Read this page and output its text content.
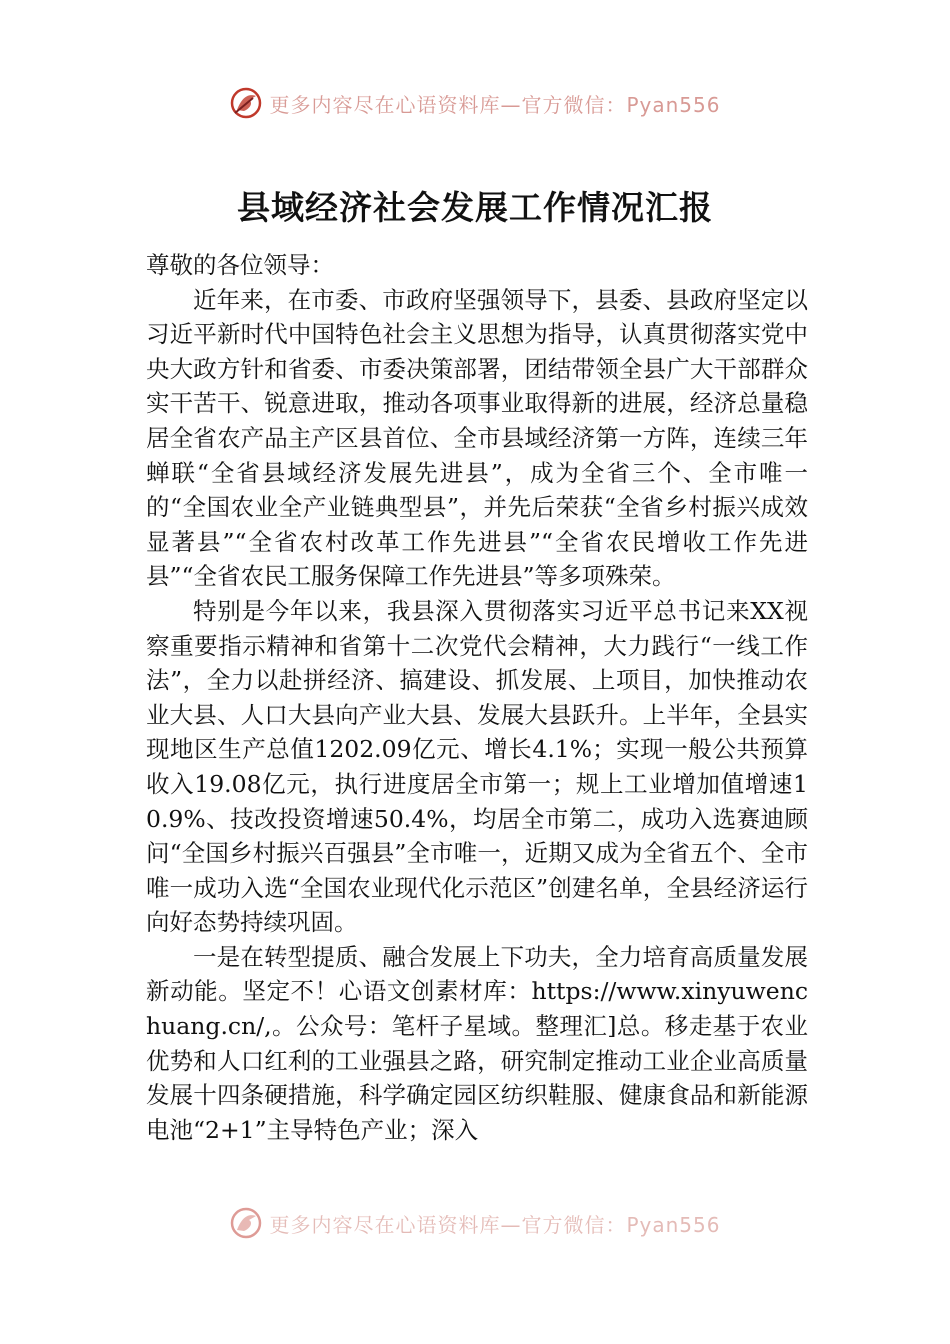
更多内容尽在心语资料库—官方微信：Pyan556
县域经济社会发展工作情况汇报

尊敬的各位领导：

近年来，在市委、市政府坚强领导下，县委、县政府坚定以习近平新时代中国特色社会主义思想为指导，认真贯彻落实党中央大政方针和省委、市委决策部署，团结带领全县广大干部群众实干苦干、锐意进取，推动各项事业取得新的进展，经济总量稳居全省农产品主产区县首位、全市县域经济第一方阵，连续三年蝉联“全省县域经济发展先进县”，成为全省三个、全市唯一的“全国农业全产业链典型县”，并先后荣获“全省乡村振兴成效显著县”“全省农村改革工作先进县”“全省农民增收工作先进县”“全省农民工服务保障工作先进县”等多项殊荣。

特别是今年以来，我县深入贯彻落实习近平总书记来XX视察重要指示精神和省第十二次党代会精神，大力践行“一线工作法”，全力以赴拼经济、搞建设、抓发展、上项目，加快推动农业大县、人口大县向产业大县、发展大县跃升。上半年，全县实现地区生产总值1202.09亿元、增长4.1%；实现一般公共预算收入19.08亿元，执行进度居全市第一；规上工业增加值增速10.9%、技改投资增速50.4%，均居全市第二，成功入选赛迪顾问“全国乡村振兴百强县”全市唯一，近期又成为全省五个、全市唯一成功入选“全国农业现代化示范区”创建名单，全县经济运行向好态势持续巩固。

一是在转型提质、融合发展上下功夫，全力培育高质量发展新动能。坚定不！心语文创素材库：https://www.xinyuwenchuang.cn/,。公众号：笔杆子星域。整理汇]总。移走基于农业优势和人口红利的工业强县之路，研究制定推动工业企业高质量发展十四条硬措施，科学确定园区纺织鞋服、健康食品和新能源电池“2+1”主导特色产业；深入

更多内容尽在心语资料库—官方微信：Pyan556
